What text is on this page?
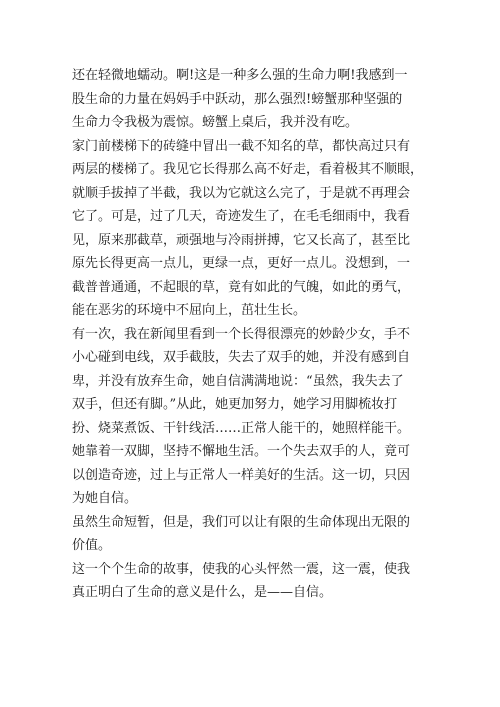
还在轻微地蠕动。啊!这是一种多么强的生命力啊!我感到一
股生命的力量在妈妈手中跃动，那么强烈!螃蟹那种坚强的
生命力令我极为震惊。螃蟹上桌后，我并没有吃。
家门前楼梯下的砖缝中冒出一截不知名的草，都快高过只有
两层的楼梯了。我见它长得那么高不好走，看着极其不顺眼，
就顺手拔掉了半截，我以为它就这么完了，于是就不再理会
它了。可是，过了几天，奇迹发生了，在毛毛细雨中，我看
见，原来那截草，顽强地与冷雨拼搏，它又长高了，甚至比
原先长得更高一点儿，更绿一点，更好一点儿。没想到，一
截普普通通，不起眼的草，竟有如此的气魄，如此的勇气，
能在恶劣的环境中不屈向上，茁壮生长。
有一次，我在新闻里看到一个长得很漂亮的妙龄少女，手不
小心碰到电线，双手截肢，失去了双手的她，并没有感到自
卑，并没有放弃生命，她自信满满地说：“虽然，我失去了
双手，但还有脚。”从此，她更加努力，她学习用脚梳妆打
扮、烧菜煮饭、干针线活……正常人能干的，她照样能干。
她靠着一双脚，坚持不懈地生活。一个失去双手的人，竟可
以创造奇迹，过上与正常人一样美好的生活。这一切，只因
为她自信。
虽然生命短暂，但是，我们可以让有限的生命体现出无限的
价值。
这一个个生命的故事，使我的心头怦然一震，这一震，使我
真正明白了生命的意义是什么，是——自信。
